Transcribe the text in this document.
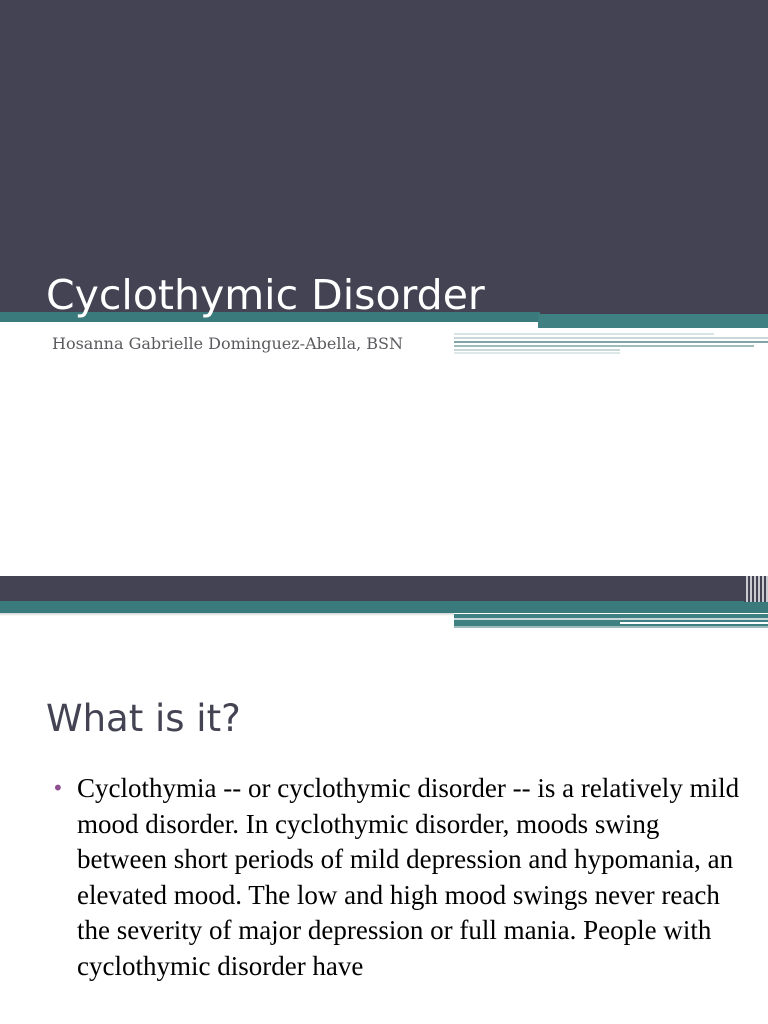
Cyclothymic Disorder

Hosanna Gabrielle Dominguez-Abella, BSN

What is it?
• Cyclothymia -- or cyclothymic disorder -- is a relatively mild mood disorder. In cyclothymic disorder, moods swing between short periods of mild depression and hypomania, an elevated mood. The low and high mood swings never reach the severity of major depression or full mania. People with cyclothymic disorder have
